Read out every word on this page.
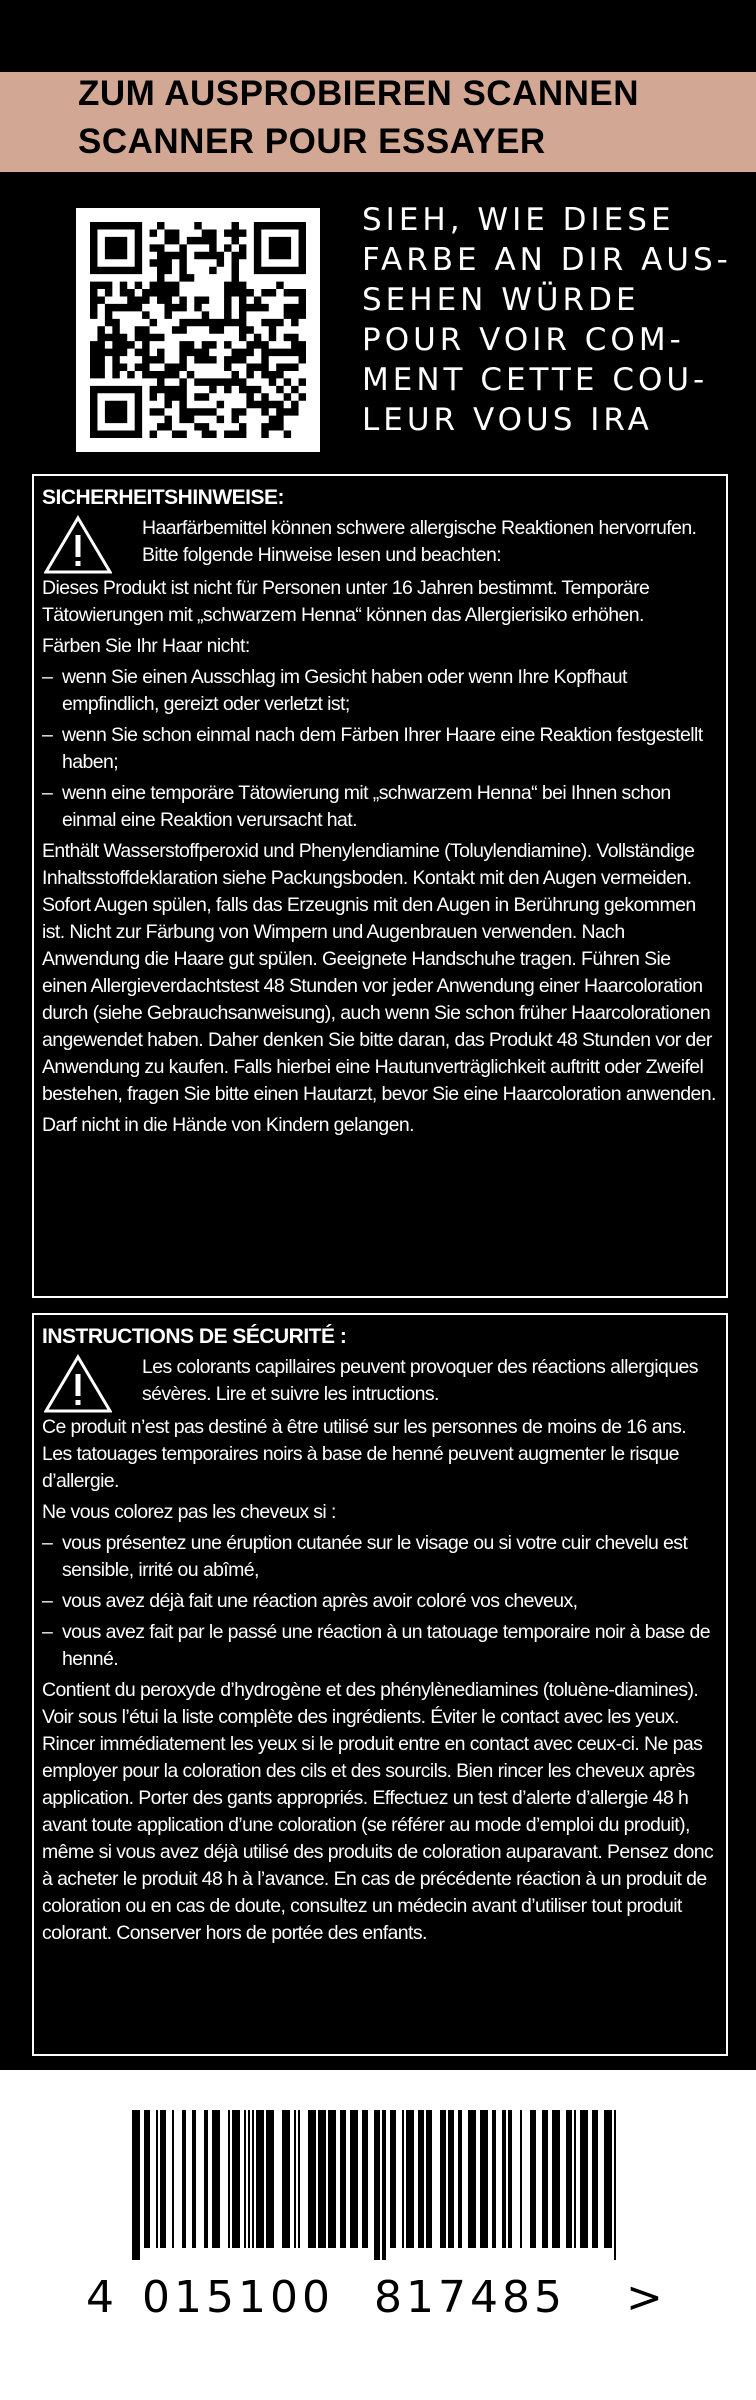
ZUM AUSPROBIEREN SCANNEN
SCANNER POUR ESSAYER
SIEH, WIE DIESE
FARBE AN DIR AUS-
SEHEN WÜRDE
POUR VOIR COM-
MENT CETTE COU-
LEUR VOUS IRA
SICHERHEITSHINWEISE:
Haarfärbemittel können schwere allergische Reaktionen hervorrufen. Bitte folgende Hinweise lesen und beachten:
Dieses Produkt ist nicht für Personen unter 16 Jahren bestimmt. Temporäre Tätowierungen mit „schwarzem Henna“ können das Allergierisiko erhöhen.
Färben Sie Ihr Haar nicht:
– wenn Sie einen Ausschlag im Gesicht haben oder wenn Ihre Kopfhaut empfindlich, gereizt oder verletzt ist;
– wenn Sie schon einmal nach dem Färben Ihrer Haare eine Reaktion festgestellt haben;
– wenn eine temporäre Tätowierung mit „schwarzem Henna“ bei Ihnen schon einmal eine Reaktion verursacht hat.
Enthält Wasserstoffperoxid und Phenylendiamine (Toluylendiamine). Vollständige Inhaltsstoffdeklaration siehe Packungsboden. Kontakt mit den Augen vermeiden. Sofort Augen spülen, falls das Erzeugnis mit den Augen in Berührung gekommen ist. Nicht zur Färbung von Wimpern und Augenbrauen verwenden. Nach Anwendung die Haare gut spülen. Geeignete Handschuhe tragen. Führen Sie einen Allergieverdachtstest 48 Stunden vor jeder Anwendung einer Haarcoloration durch (siehe Gebrauchsanweisung), auch wenn Sie schon früher Haarcolorationen angewendet haben. Daher denken Sie bitte daran, das Produkt 48 Stunden vor der Anwendung zu kaufen. Falls hierbei eine Hautunverträglichkeit auftritt oder Zweifel bestehen, fragen Sie bitte einen Hautarzt, bevor Sie eine Haarcoloration anwenden.
Darf nicht in die Hände von Kindern gelangen.
INSTRUCTIONS DE SÉCURITÉ :
Les colorants capillaires peuvent provoquer des réactions allergiques sévères. Lire et suivre les intructions.
Ce produit n’est pas destiné à être utilisé sur les personnes de moins de 16 ans. Les tatouages temporaires noirs à base de henné peuvent augmenter le risque d’allergie.
Ne vous colorez pas les cheveux si :
– vous présentez une éruption cutanée sur le visage ou si votre cuir chevelu est sensible, irrité ou abîmé,
– vous avez déjà fait une réaction après avoir coloré vos cheveux,
– vous avez fait par le passé une réaction à un tatouage temporaire noir à base de henné.
Contient du peroxyde d’hydrogène et des phénylènediamines (toluène-diamines). Voir sous l’étui la liste complète des ingrédients. Éviter le contact avec les yeux. Rincer immédiatement les yeux si le produit entre en contact avec ceux-ci. Ne pas employer pour la coloration des cils et des sourcils. Bien rincer les cheveux après application. Porter des gants appropriés. Effectuez un test d’alerte d’allergie 48 h avant toute application d’une coloration (se référer au mode d’emploi du produit), même si vous avez déjà utilisé des produits de coloration auparavant. Pensez donc à acheter le produit 48 h à l’avance. En cas de précédente réaction à un produit de coloration ou en cas de doute, consultez un médecin avant d’utiliser tout produit colorant. Conserver hors de portée des enfants.
4 015100 817485 >
